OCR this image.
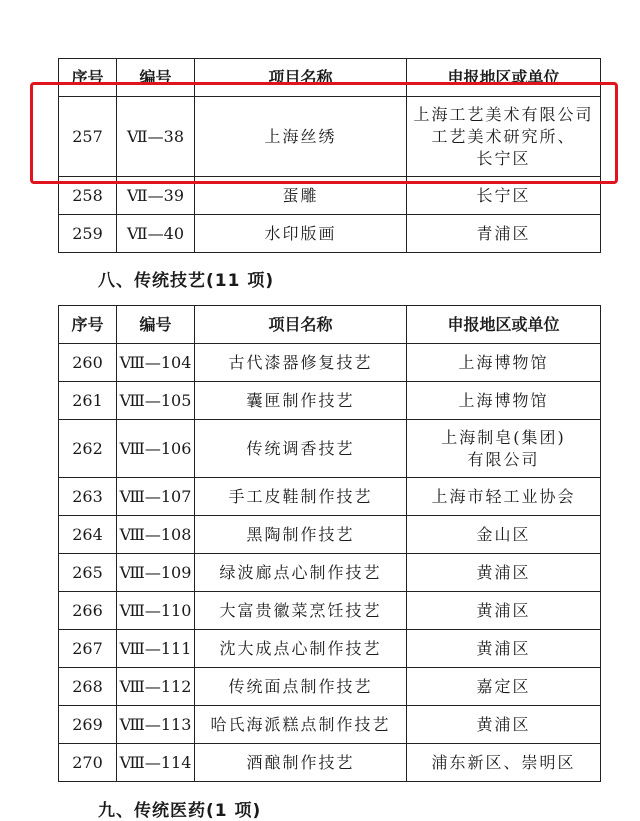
序号	编号	项目名称	申报地区或单位
257	Ⅶ—38	上海丝绣	上海工艺美术有限公司
工艺美术研究所、
长宁区
258	Ⅶ—39	蛋雕	长宁区
259	Ⅶ—40	水印版画	青浦区
八、传统技艺(11 项)
序号	编号	项目名称	申报地区或单位
260	Ⅷ—104	古代漆器修复技艺	上海博物馆
261	Ⅷ—105	囊匣制作技艺	上海博物馆
262	Ⅷ—106	传统调香技艺	上海制皂(集团)
有限公司
263	Ⅷ—107	手工皮鞋制作技艺	上海市轻工业协会
264	Ⅷ—108	黑陶制作技艺	金山区
265	Ⅷ—109	绿波廊点心制作技艺	黄浦区
266	Ⅷ—110	大富贵徽菜烹饪技艺	黄浦区
267	Ⅷ—111	沈大成点心制作技艺	黄浦区
268	Ⅷ—112	传统面点制作技艺	嘉定区
269	Ⅷ—113	哈氏海派糕点制作技艺	黄浦区
270	Ⅷ—114	酒酿制作技艺	浦东新区、崇明区
九、传统医药(1 项)
